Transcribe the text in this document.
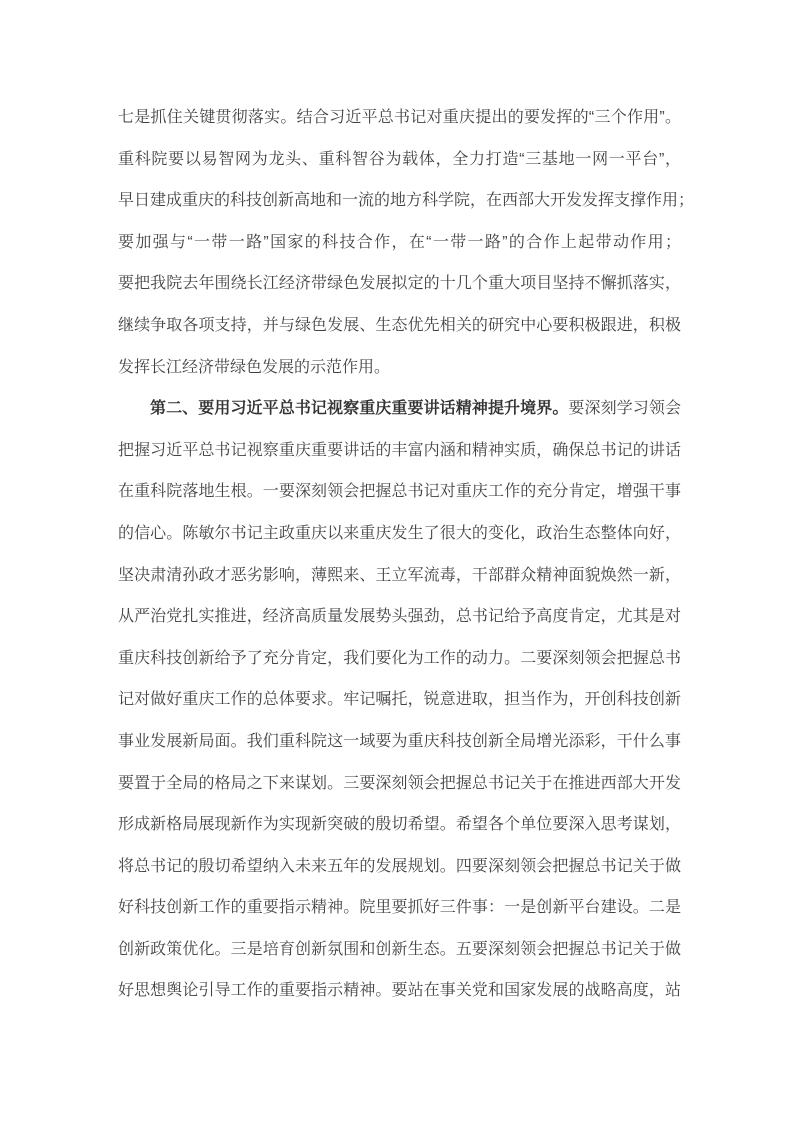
七是抓住关键贯彻落实。结合习近平总书记对重庆提出的要发挥的“三个作用”。
重科院要以易智网为龙头、重科智谷为载体，全力打造“三基地一网一平台”，
早日建成重庆的科技创新高地和一流的地方科学院，在西部大开发发挥支撑作用；
要加强与“一带一路”国家的科技合作，在“一带一路”的合作上起带动作用；
要把我院去年围绕长江经济带绿色发展拟定的十几个重大项目坚持不懈抓落实，
继续争取各项支持，并与绿色发展、生态优先相关的研究中心要积极跟进，积极
发挥长江经济带绿色发展的示范作用。
第二、要用习近平总书记视察重庆重要讲话精神提升境界。要深刻学习领会
把握习近平总书记视察重庆重要讲话的丰富内涵和精神实质，确保总书记的讲话
在重科院落地生根。一要深刻领会把握总书记对重庆工作的充分肯定，增强干事
的信心。陈敏尔书记主政重庆以来重庆发生了很大的变化，政治生态整体向好，
坚决肃清孙政才恶劣影响，薄熙来、王立军流毒，干部群众精神面貌焕然一新，
从严治党扎实推进，经济高质量发展势头强劲，总书记给予高度肯定，尤其是对
重庆科技创新给予了充分肯定，我们要化为工作的动力。二要深刻领会把握总书
记对做好重庆工作的总体要求。牢记嘱托，锐意进取，担当作为，开创科技创新
事业发展新局面。我们重科院这一域要为重庆科技创新全局增光添彩，干什么事
要置于全局的格局之下来谋划。三要深刻领会把握总书记关于在推进西部大开发
形成新格局展现新作为实现新突破的殷切希望。希望各个单位要深入思考谋划，
将总书记的殷切希望纳入未来五年的发展规划。四要深刻领会把握总书记关于做
好科技创新工作的重要指示精神。院里要抓好三件事：一是创新平台建设。二是
创新政策优化。三是培育创新氛围和创新生态。五要深刻领会把握总书记关于做
好思想舆论引导工作的重要指示精神。要站在事关党和国家发展的战略高度，站
